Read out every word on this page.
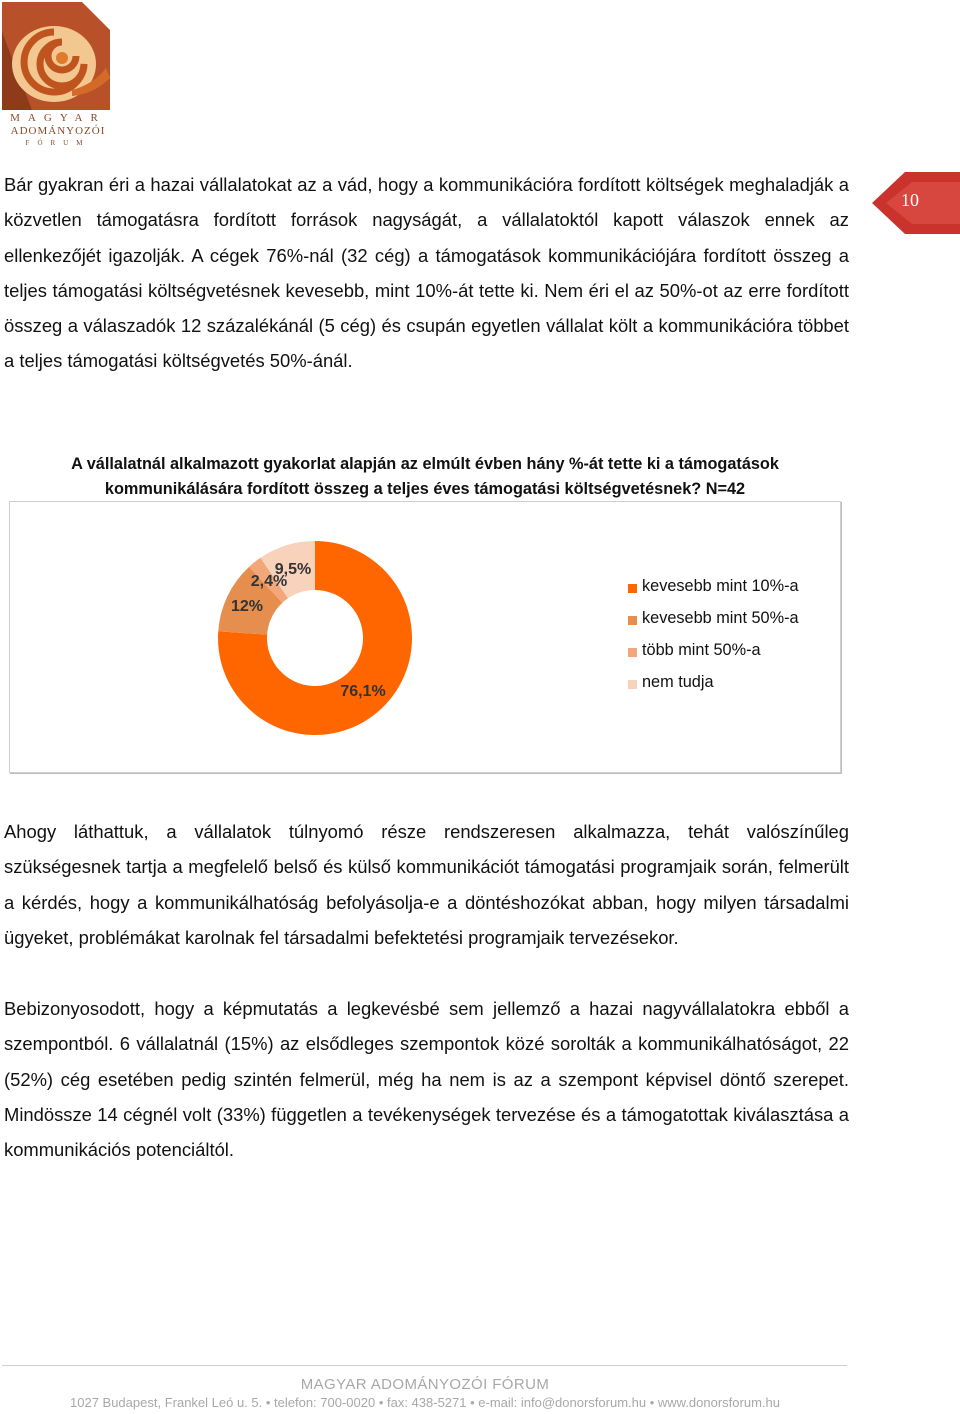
MAGYAR
ADOMÁNYOZÓI
FÓRUM
10

Bár gyakran éri a hazai vállalatokat az a vád, hogy a kommunikációra fordított költségek meghaladják a közvetlen támogatásra fordított források nagyságát, a vállalatoktól kapott válaszok ennek az ellenkezőjét igazolják. A cégek 76%-nál (32 cég) a támogatások kommunikációjára fordított összeg a teljes támogatási költségvetésnek kevesebb, mint 10%-át tette ki. Nem éri el az 50%-ot az erre fordított összeg a válaszadók 12 százalékánál (5 cég) és csupán egyetlen vállalat költ a kommunikációra többet a teljes támogatási költségvetés 50%-ánál.

A vállalatnál alkalmazott gyakorlat alapján az elmúlt évben hány %-át tette ki a támogatások
kommunikálására fordított összeg a teljes éves támogatási költségvetésnek? N=42
76,1%
12%
2,4%
9,5%
kevesebb mint 10%-a
kevesebb mint 50%-a
több mint 50%-a
nem tudja

Ahogy láthattuk, a vállalatok túlnyomó része rendszeresen alkalmazza, tehát valószínűleg szükségesnek tartja a megfelelő belső és külső kommunikációt támogatási programjaik során, felmerült a kérdés, hogy a kommunikálhatóság befolyásolja-e a döntéshozókat abban, hogy milyen társadalmi ügyeket, problémákat karolnak fel társadalmi befektetési programjaik tervezésekor.

Bebizonyosodott, hogy a képmutatás a legkevésbé sem jellemző a hazai nagyvállalatokra ebből a szempontból. 6 vállalatnál (15%) az elsődleges szempontok közé sorolták a kommunikálhatóságot, 22 (52%) cég esetében pedig szintén felmerül, még ha nem is az a szempont képvisel döntő szerepet. Mindössze 14 cégnél volt (33%) független a tevékenységek tervezése és a támogatottak kiválasztása a kommunikációs potenciáltól.

MAGYAR ADOMÁNYOZÓI FÓRUM
1027 Budapest, Frankel Leó u. 5. • telefon: 700-0020 • fax: 438-5271 • e-mail: info@donorsforum.hu • www.donorsforum.hu
